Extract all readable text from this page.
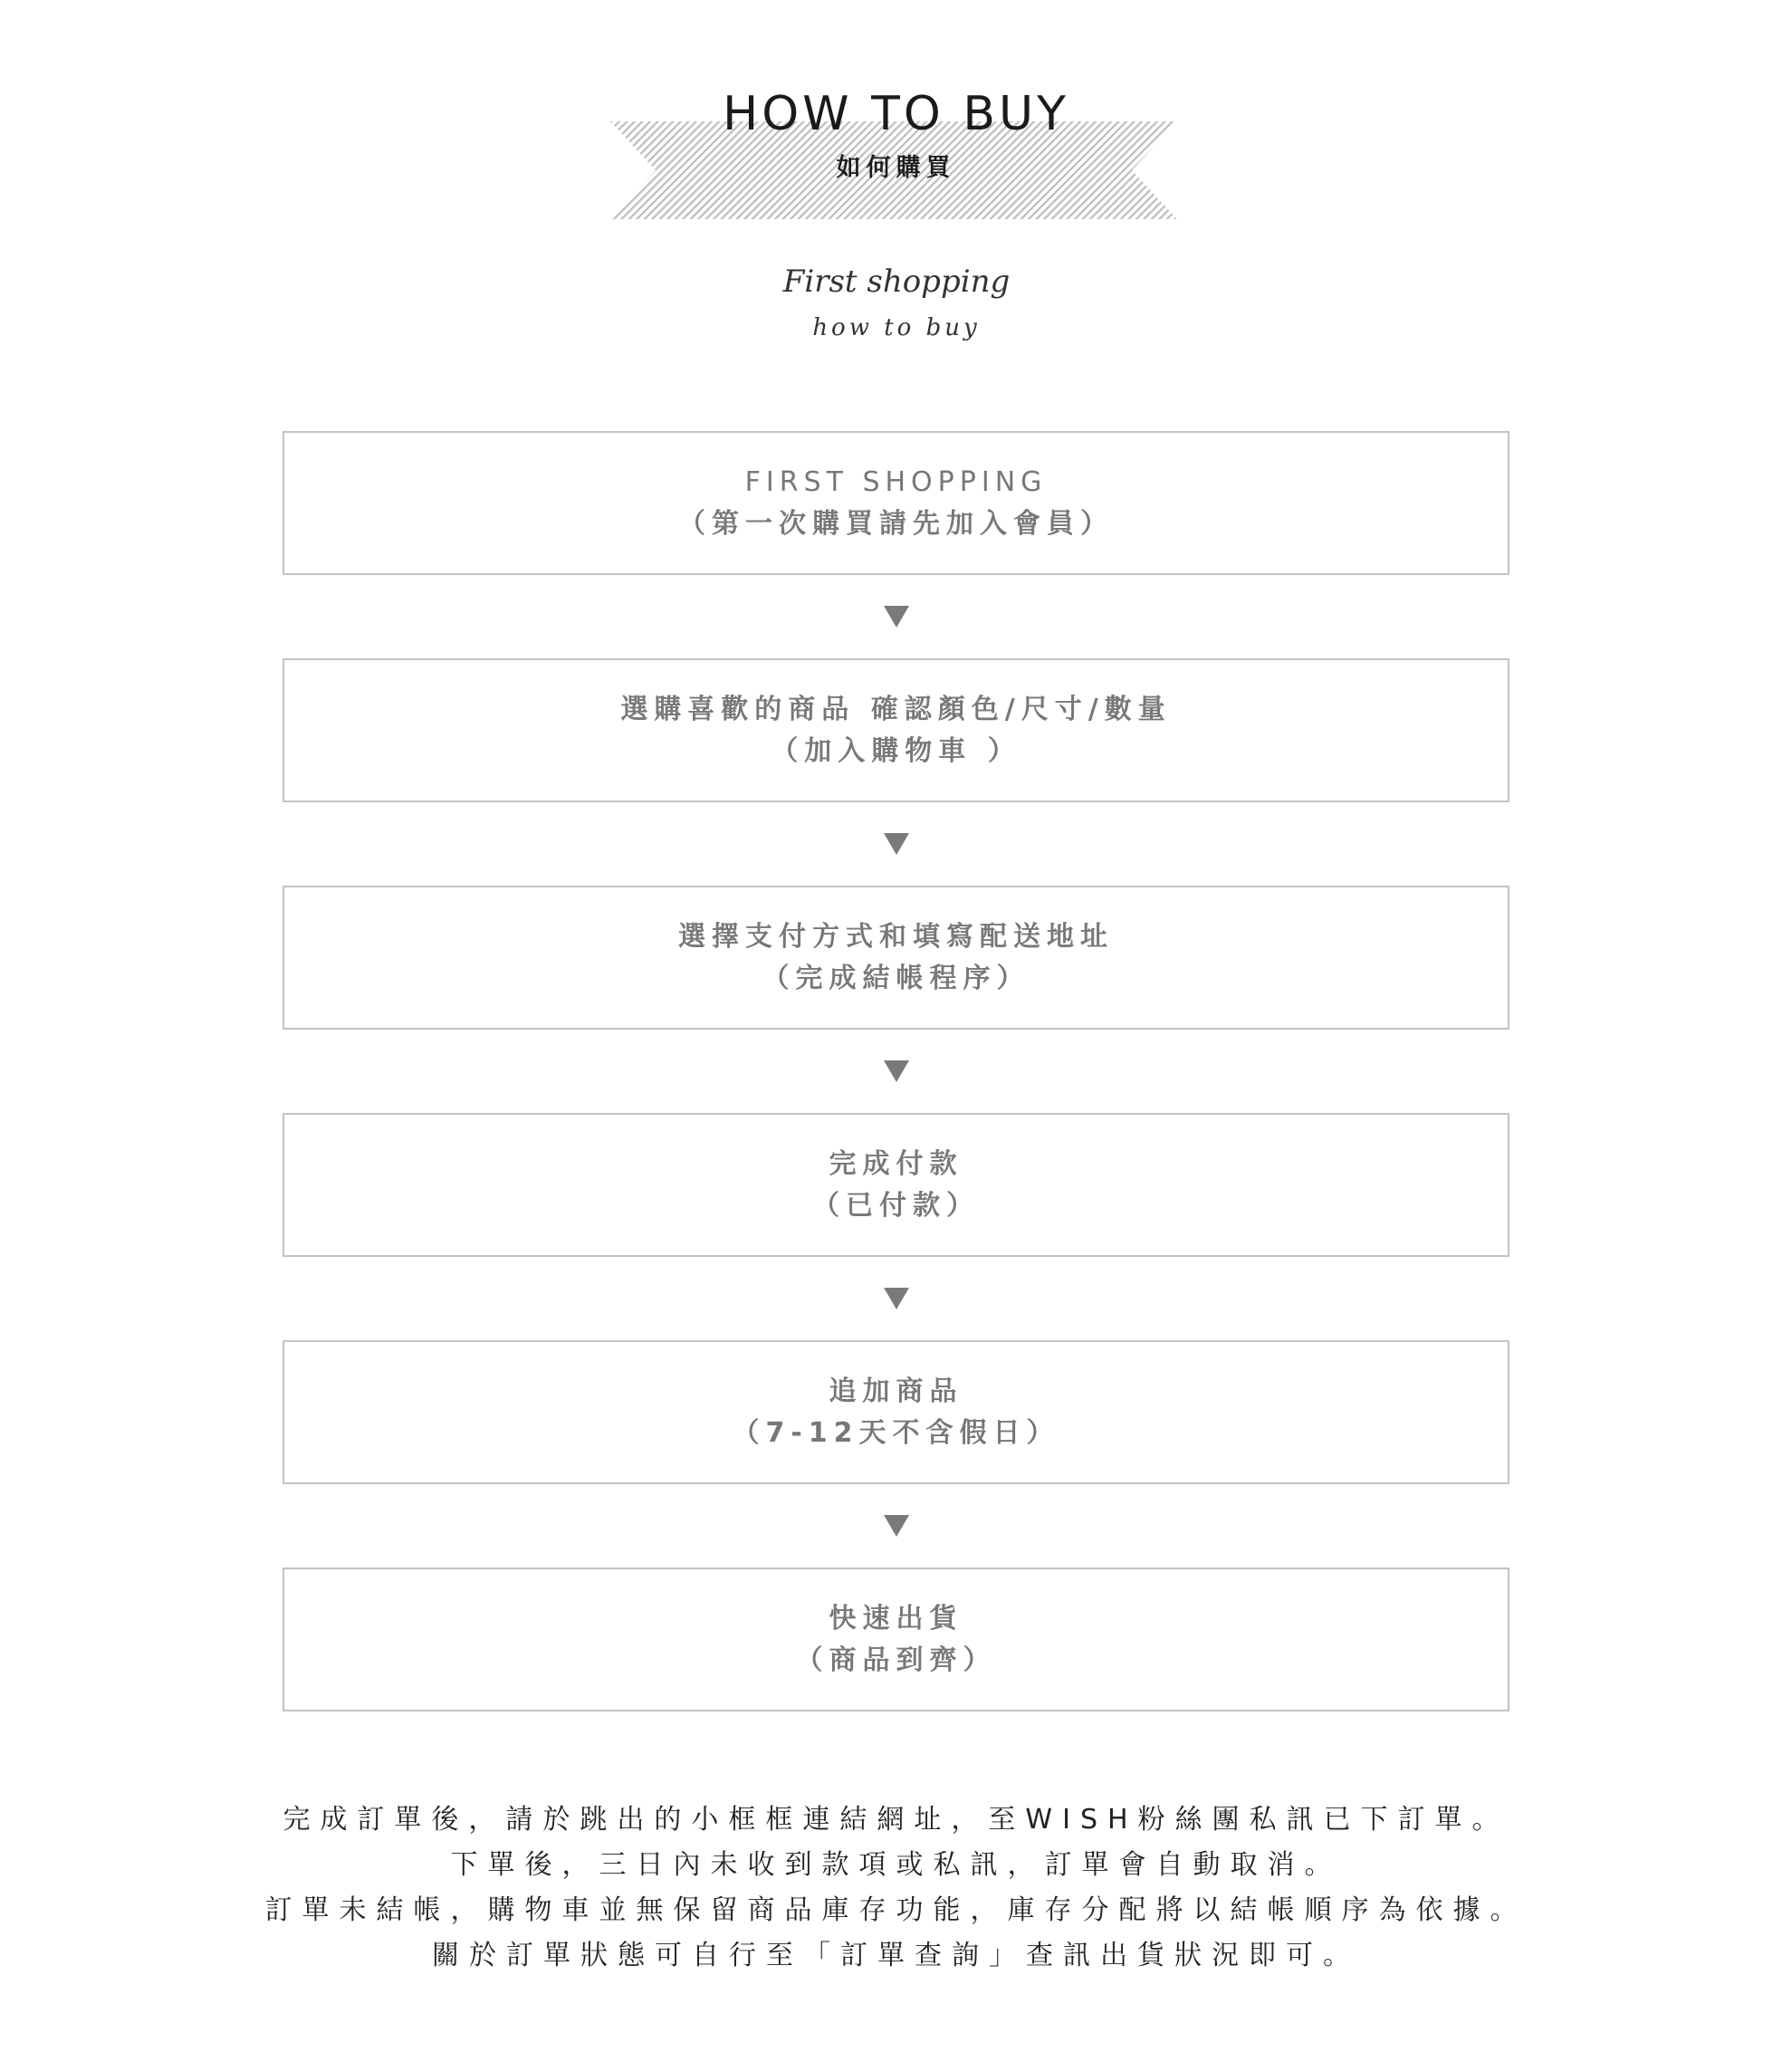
HOW TO BUY
如何購買
First shopping
how to buy
FIRST SHOPPING
（第一次購買請先加入會員）
選購喜歡的商品 確認顏色/尺寸/數量
（加入購物車 ）
選擇支付方式和填寫配送地址
（完成結帳程序）
完成付款
（已付款）
追加商品
（7-12天不含假日）
快速出貨
（商品到齊）
完成訂單後，請於跳出的小框框連結網址，至WISH粉絲團私訊已下訂單。
下單後，三日內未收到款項或私訊，訂單會自動取消。
訂單未結帳，購物車並無保留商品庫存功能，庫存分配將以結帳順序為依據。
關於訂單狀態可自行至「訂單查詢」查訊出貨狀況即可。
